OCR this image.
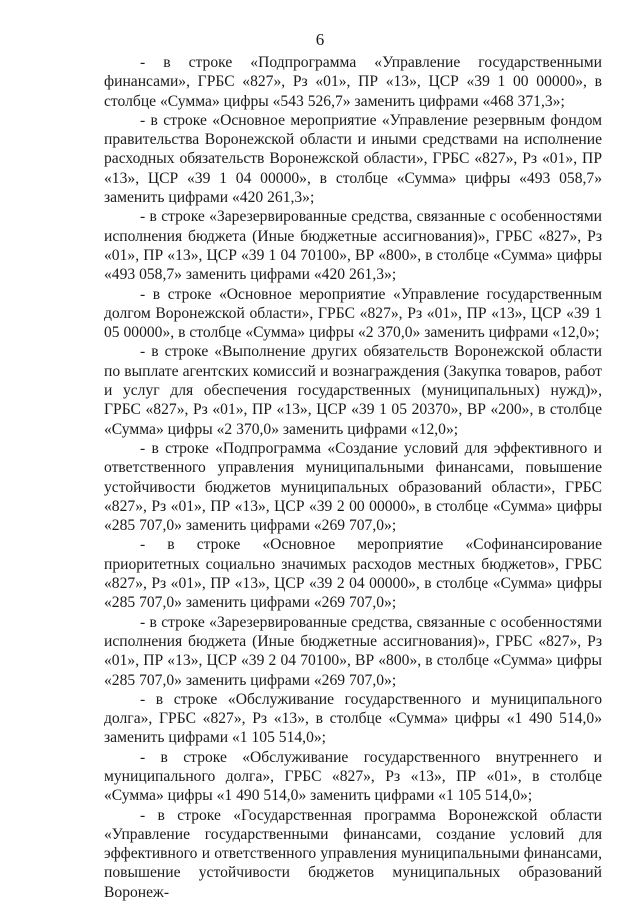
6

- в строке «Подпрограмма «Управление государственными финансами», ГРБС «827», Рз «01», ПР «13», ЦСР «39 1 00 00000», в столбце «Сумма» цифры «543 526,7» заменить цифрами «468 371,3»;

- в строке «Основное мероприятие «Управление резервным фондом правительства Воронежской области и иными средствами на исполнение расходных обязательств Воронежской области», ГРБС «827», Рз «01», ПР «13», ЦСР «39 1 04 00000», в столбце «Сумма» цифры «493 058,7» заменить цифрами «420 261,3»;

- в строке «Зарезервированные средства, связанные с особенностями исполнения бюджета (Иные бюджетные ассигнования)», ГРБС «827», Рз «01», ПР «13», ЦСР «39 1 04 70100», ВР «800», в столбце «Сумма» цифры «493 058,7» заменить цифрами «420 261,3»;

- в строке «Основное мероприятие «Управление государственным долгом Воронежской области», ГРБС «827», Рз «01», ПР «13», ЦСР «39 1 05 00000», в столбце «Сумма» цифры «2 370,0» заменить цифрами «12,0»;

- в строке «Выполнение других обязательств Воронежской области по выплате агентских комиссий и вознаграждения (Закупка товаров, работ и услуг для обеспечения государственных (муниципальных) нужд)», ГРБС «827», Рз «01», ПР «13», ЦСР «39 1 05 20370», ВР «200», в столбце «Сумма» цифры «2 370,0» заменить цифрами «12,0»;

- в строке «Подпрограмма «Создание условий для эффективного и ответственного управления муниципальными финансами, повышение устойчивости бюджетов муниципальных образований области», ГРБС «827», Рз «01», ПР «13», ЦСР «39 2 00 00000», в столбце «Сумма» цифры «285 707,0» заменить цифрами «269 707,0»;

- в строке «Основное мероприятие «Софинансирование приоритетных социально значимых расходов местных бюджетов», ГРБС «827», Рз «01», ПР «13», ЦСР «39 2 04 00000», в столбце «Сумма» цифры «285 707,0» заменить цифрами «269 707,0»;

- в строке «Зарезервированные средства, связанные с особенностями исполнения бюджета (Иные бюджетные ассигнования)», ГРБС «827», Рз «01», ПР «13», ЦСР «39 2 04 70100», ВР «800», в столбце «Сумма» цифры «285 707,0» заменить цифрами «269 707,0»;

- в строке «Обслуживание государственного и муниципального долга», ГРБС «827», Рз «13», в столбце «Сумма» цифры «1 490 514,0» заменить цифрами «1 105 514,0»;

- в строке «Обслуживание государственного внутреннего и муниципального долга», ГРБС «827», Рз «13», ПР «01», в столбце «Сумма» цифры «1 490 514,0» заменить цифрами «1 105 514,0»;

- в строке «Государственная программа Воронежской области «Управление государственными финансами, создание условий для эффективного и ответственного управления муниципальными финансами, повышение устойчивости бюджетов муниципальных образований Воронеж-
